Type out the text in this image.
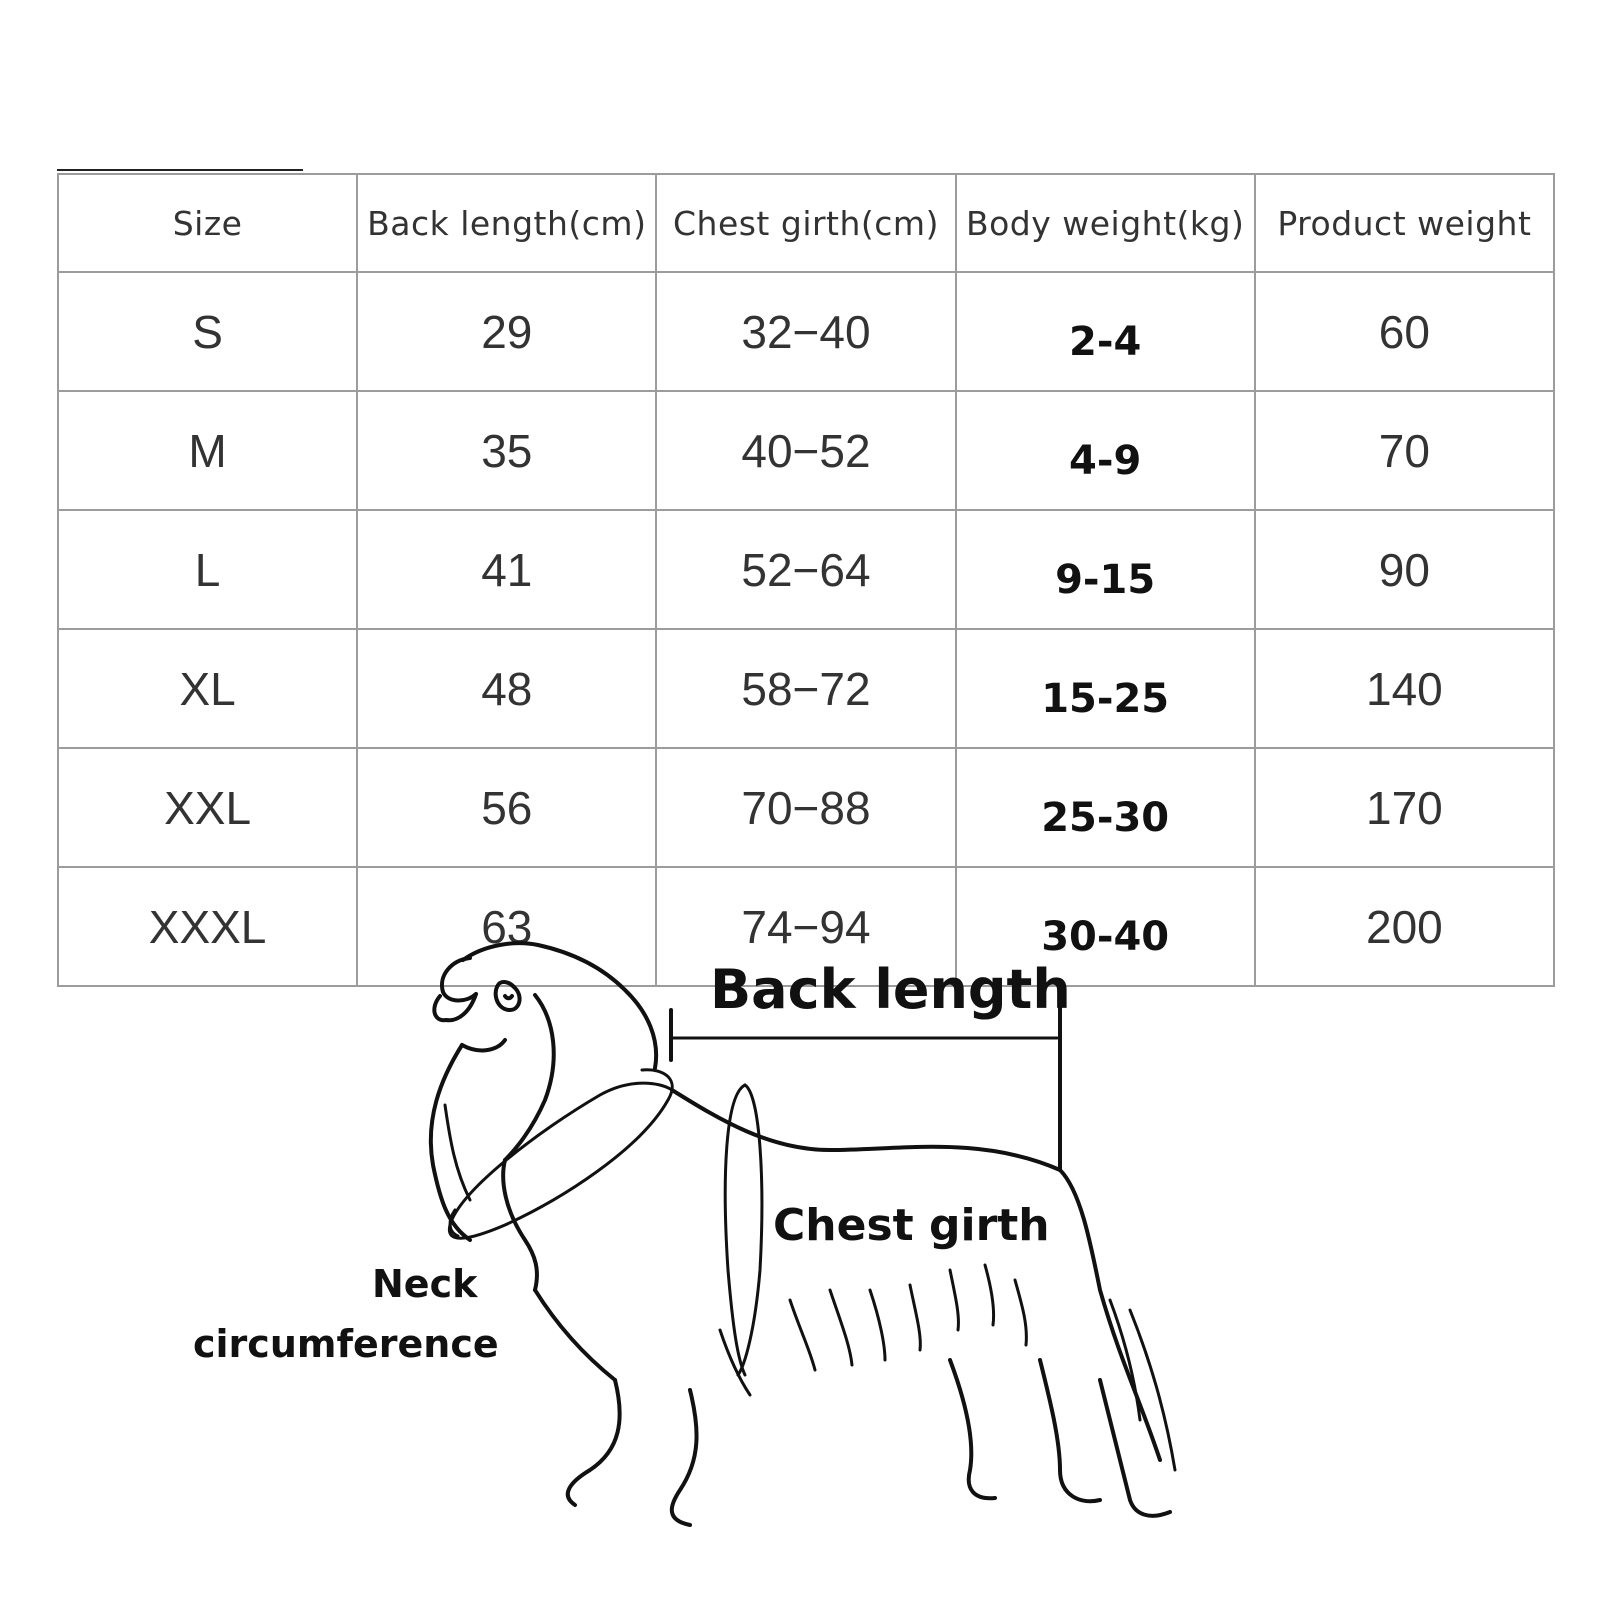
Size	Back length(cm)	Chest girth(cm)	Body weight(kg)	Product weight
S	29	32−40	2-4	60
M	35	40−52	4-9	70
L	41	52−64	9-15	90
XL	48	58−72	15-25	140
XXL	56	70−88	25-30	170
XXXL	63	74−94	30-40	200
Back length
Chest girth
Neck
circumference
